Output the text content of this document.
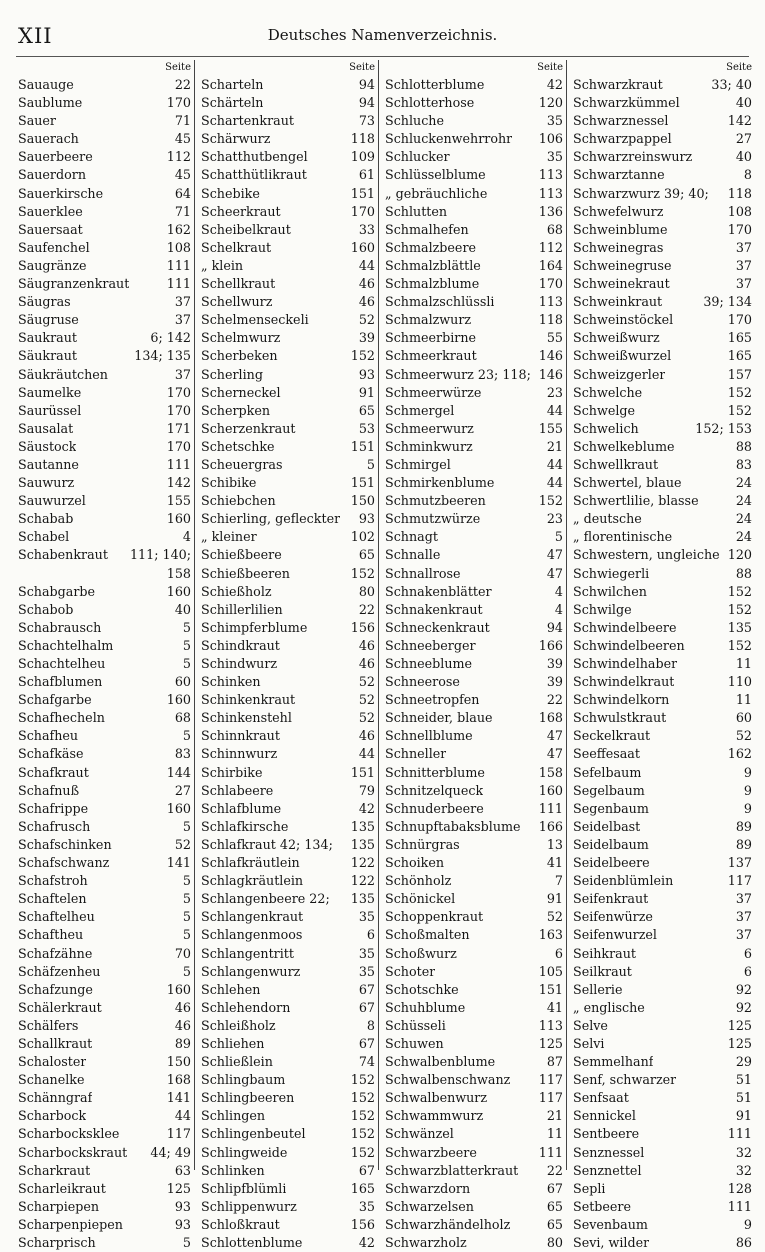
XII	Deutsches Namenverzeichnis.
Seite
Sauauge	22
Saublume	170
Sauer	71
Sauerach	45
Sauerbeere	112
Sauerdorn	45
Sauerkirsche	64
Sauerklee	71
Sauersaat	162
Saufenchel	108
Saugränze	111
Säugranzenkraut	111
Säugras	37
Säugruse	37
Saukraut	6; 142
Säukraut	134; 135
Säukräutchen	37
Saumelke	170
Saurüssel	170
Sausalat	171
Säustock	170
Sautanne	111
Sauwurz	142
Sauwurzel	155
Schabab	160
Schabel	4
Schabenkraut 111; 140;
158
Schabgarbe	160
Schabob	40
Schabrausch	5
Schachtelhalm	5
Schachtelheu	5
Schafblumen	60
Schafgarbe	160
Schafhecheln	68
Schafheu	5
Schafkäse	83
Schafkraut	144
Schafnuß	27
Schafrippe	160
Schafrusch	5
Schafschinken	52
Schafschwanz	141
Schafstroh	5
Schaftelen	5
Schaftelheu	5
Schaftheu	5
Schafzähne	70
Schäfzenheu	5
Schafzunge	160
Schälerkraut	46
Schälfers	46
Schallkraut	89
Schaloster	150
Schanelke	168
Schänngraf	141
Scharbock	44
Scharbocksklee	117
Scharbockskraut 44; 49
Scharkraut	63
Scharleikraut	125
Scharpiepen	93
Scharpenpiepen	93
Scharprisch	5
Seite
Scharteln	94
Schärteln	94
Schartenkraut	73
Schärwurz	118
Schatthutbengel	109
Schatthütlikraut	61
Schebike	151
Scheerkraut	170
Scheibelkraut	33
Schelkraut	160
„ klein	44
Schellkraut	46
Schellwurz	46
Schelmenseckeli	52
Schelmwurz	39
Scherbeken	152
Scherling	93
Scherneckel	91
Scherpken	65
Scherzenkraut	53
Schetschke	151
Scheuergras	5
Schibike	151
Schiebchen	150
Schierling, gefleckter 93
„ kleiner	102
Schießbeere	65
Schießbeeren	152
Schießholz	80
Schillerlilien	22
Schimpferblume	156
Schindkraut	46
Schindwurz	46
Schinken	52
Schinkenkraut	52
Schinkenstehl	52
Schinnkraut	46
Schinnwurz	44
Schirbike	151
Schlabeere	79
Schlafblume	42
Schlafkirsche	135
Schlafkraut 42; 134; 135
Schlafkräutlein	122
Schlagkräutlein	122
Schlangenbeere 22; 135
Schlangenkraut	35
Schlangenmoos	6
Schlangentritt	35
Schlangenwurz	35
Schlehen	67
Schlehendorn	67
Schleißholz	8
Schliehen	67
Schließlein	74
Schlingbaum	152
Schlingbeeren	152
Schlingen	152
Schlingenbeutel	152
Schlingweide	152
Schlinken	67
Schlipfblümli	165
Schlippenwurz	35
Schloßkraut	156
Schlottenblume	42
Seite
Schlotterblume	42
Schlotterhose	120
Schluche	35
Schluckenwehrrohr 106
Schlucker	35
Schlüsselblume	113
„ gebräuchliche	113
Schlutten	136
Schmalhefen	68
Schmalzbeere	112
Schmalzblättle	164
Schmalzblume	170
Schmalzschlüssli	113
Schmalzwurz	118
Schmeerbirne	55
Schmeerkraut	146
Schmeerwurz 23; 118; 146
Schmeerwürze	23
Schmergel	44
Schmeerwurz	155
Schminkwurz	21
Schmirgel	44
Schmirkenblume	44
Schmutzbeeren	152
Schmutzwürze	23
Schnagt	5
Schnalle	47
Schnallrose	47
Schnakenblätter	4
Schnakenkraut	4
Schneckenkraut	94
Schneeberger	166
Schneeblume	39
Schneerose	39
Schneetropfen	22
Schneider, blaue	168
Schnellblume	47
Schneller	47
Schnitterblume	158
Schnitzelqueck	160
Schnuderbeere	111
Schnupftabaksblume 166
Schnürgras	13
Schoiken	41
Schönholz	7
Schönickel	91
Schoppenkraut	52
Schoßmalten	163
Schoßwurz	6
Schoter	105
Schotschke	151
Schuhblume	41
Schüsseli	113
Schuwen	125
Schwalbenblume	87
Schwalbenschwanz 117
Schwalbenwurz	117
Schwammwurz	21
Schwänzel	11
Schwarzbeere	111
Schwarzblatterkraut 22
Schwarzdorn	67
Schwarzelsen	65
Schwarzhändelholz	65
Schwarzholz	80
Seite
Schwarzkraut	33; 40
Schwarzkümmel	40
Schwarznessel	142
Schwarzpappel	27
Schwarzreinswurz	40
Schwarztanne	8
Schwarzwurz 39; 40; 118
Schwefelwurz	108
Schweinblume	170
Schweinegras	37
Schweinegruse	37
Schweinekraut	37
Schweinkraut	39; 134
Schweinstöckel	170
Schweißwurz	165
Schweißwurzel	165
Schweizgerler	157
Schwelche	152
Schwelge	152
Schwelich	152; 153
Schwelkeblume	88
Schwellkraut	83
Schwertel, blaue	24
Schwertlilie, blasse	24
„ deutsche	24
„ florentinische	24
Schwestern, ungleiche 120
Schwiegerli	88
Schwilchen	152
Schwilge	152
Schwindelbeere	135
Schwindelbeeren	152
Schwindelhaber	11
Schwindelkraut	110
Schwindelkorn	11
Schwulstkraut	60
Seckelkraut	52
Seeffesaat	162
Sefelbaum	9
Segelbaum	9
Segenbaum	9
Seidelbast	89
Seidelbaum	89
Seidelbeere	137
Seidenblümlein	117
Seifenkraut	37
Seifenwürze	37
Seifenwurzel	37
Seihkraut	6
Seilkraut	6
Sellerie	92
„ englische	92
Selve	125
Selvi	125
Semmelhanf	29
Senf, schwarzer	51
Senfsaat	51
Sennickel	91
Sentbeere	111
Senznessel	32
Senznettel	32
Sepli	128
Setbeere	111
Sevenbaum	9
Sevi, wilder	86
